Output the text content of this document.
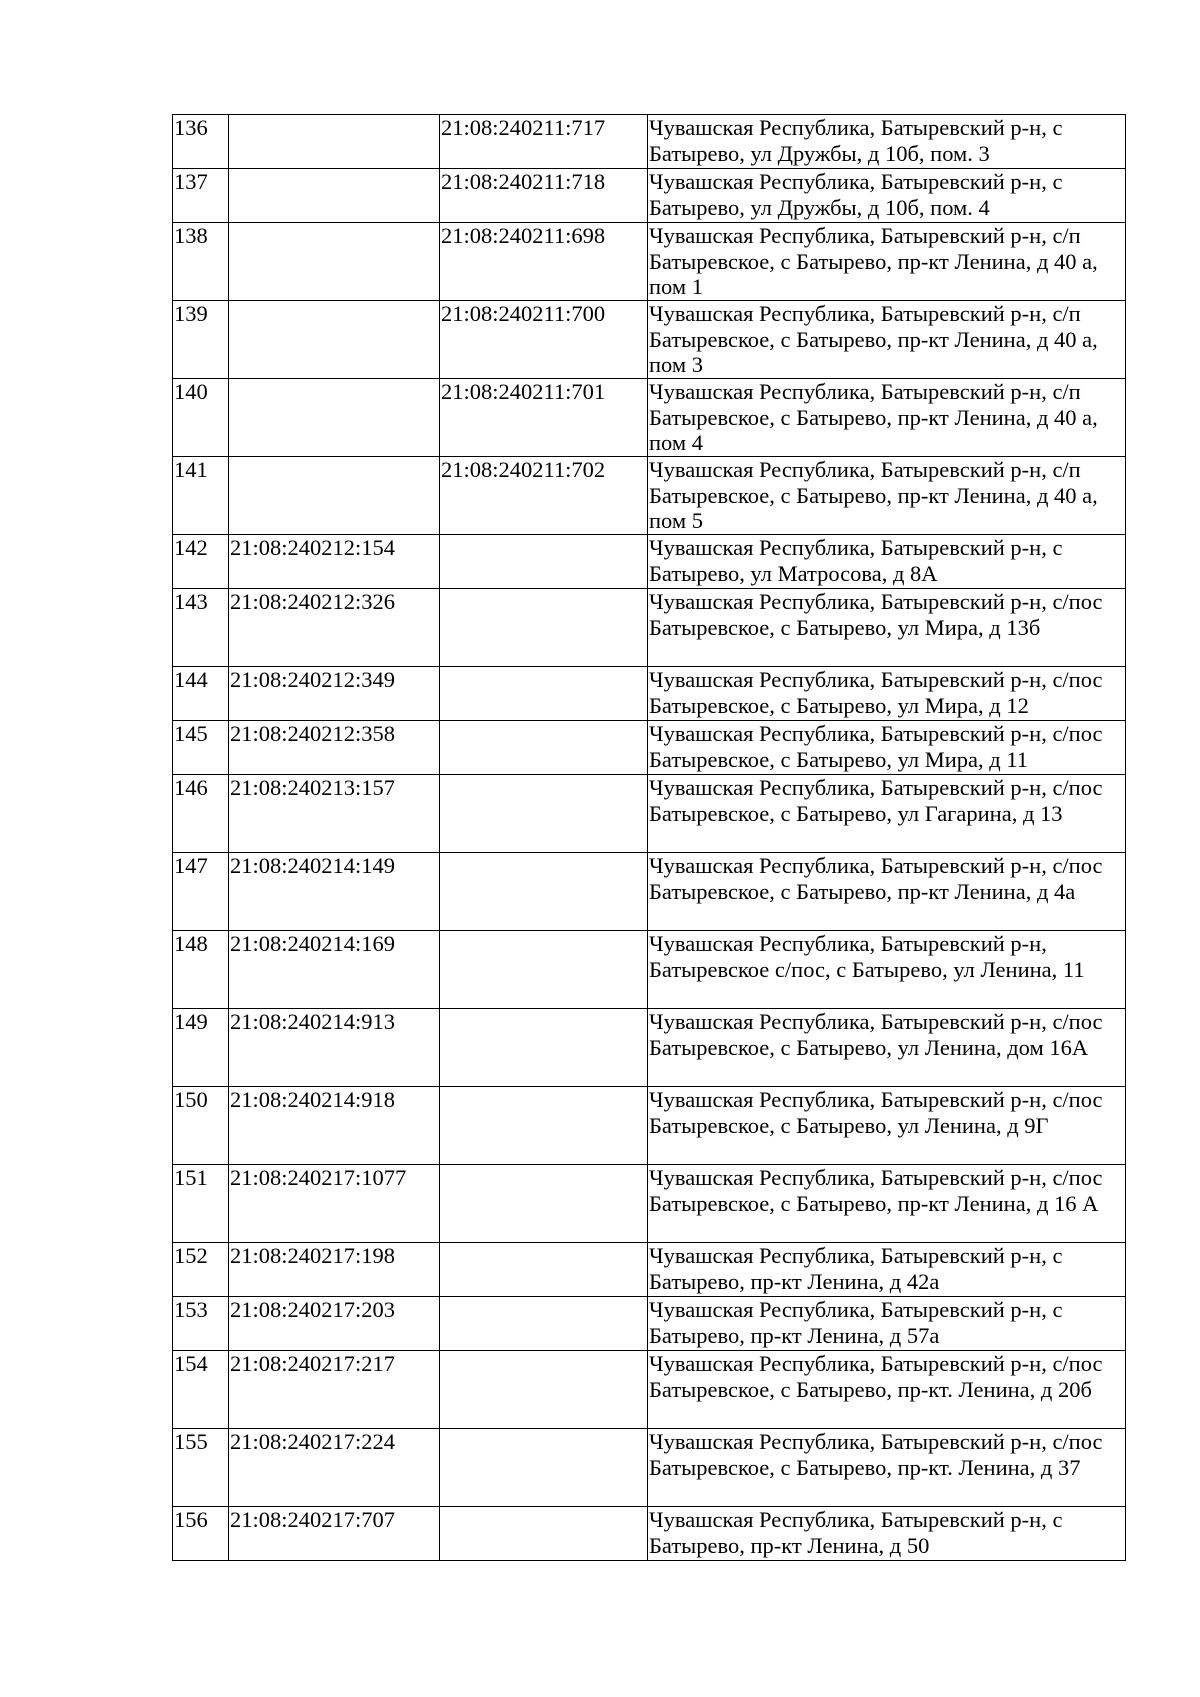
136		21:08:240211:717	Чувашская Республика, Батыревский р-н, с Батырево, ул Дружбы, д 10б, пом. 3
137		21:08:240211:718	Чувашская Республика, Батыревский р-н, с Батырево, ул Дружбы, д 10б, пом. 4
138		21:08:240211:698	Чувашская Республика, Батыревский р-н, с/п Батыревское, с Батырево, пр-кт Ленина, д 40 а, пом 1
139		21:08:240211:700	Чувашская Республика, Батыревский р-н, с/п Батыревское, с Батырево, пр-кт Ленина, д 40 а, пом 3
140		21:08:240211:701	Чувашская Республика, Батыревский р-н, с/п Батыревское, с Батырево, пр-кт Ленина, д 40 а, пом 4
141		21:08:240211:702	Чувашская Республика, Батыревский р-н, с/п Батыревское, с Батырево, пр-кт Ленина, д 40 а, пом 5
142	21:08:240212:154		Чувашская Республика, Батыревский р-н, с Батырево, ул Матросова, д 8А
143	21:08:240212:326		Чувашская Республика, Батыревский р-н, с/пос Батыревское, с Батырево, ул Мира, д 13б
144	21:08:240212:349		Чувашская Республика, Батыревский р-н, с/пос Батыревское, с Батырево, ул Мира, д 12
145	21:08:240212:358		Чувашская Республика, Батыревский р-н, с/пос Батыревское, с Батырево, ул Мира, д 11
146	21:08:240213:157		Чувашская Республика, Батыревский р-н, с/пос Батыревское, с Батырево, ул Гагарина, д 13
147	21:08:240214:149		Чувашская Республика, Батыревский р-н, с/пос Батыревское, с Батырево, пр-кт Ленина, д 4а
148	21:08:240214:169		Чувашская Республика, Батыревский р-н, Батыревское с/пос, с Батырево, ул Ленина, 11
149	21:08:240214:913		Чувашская Республика, Батыревский р-н, с/пос Батыревское, с Батырево, ул Ленина, дом 16А
150	21:08:240214:918		Чувашская Республика, Батыревский р-н, с/пос Батыревское, с Батырево, ул Ленина, д 9Г
151	21:08:240217:1077		Чувашская Республика, Батыревский р-н, с/пос Батыревское, с Батырево, пр-кт Ленина, д 16 А
152	21:08:240217:198		Чувашская Республика, Батыревский р-н, с Батырево, пр-кт Ленина, д 42а
153	21:08:240217:203		Чувашская Республика, Батыревский р-н, с Батырево, пр-кт Ленина, д 57а
154	21:08:240217:217		Чувашская Республика, Батыревский р-н, с/пос Батыревское, с Батырево, пр-кт. Ленина, д 20б
155	21:08:240217:224		Чувашская Республика, Батыревский р-н, с/пос Батыревское, с Батырево, пр-кт. Ленина, д 37
156	21:08:240217:707		Чувашская Республика, Батыревский р-н, с Батырево, пр-кт Ленина, д 50
